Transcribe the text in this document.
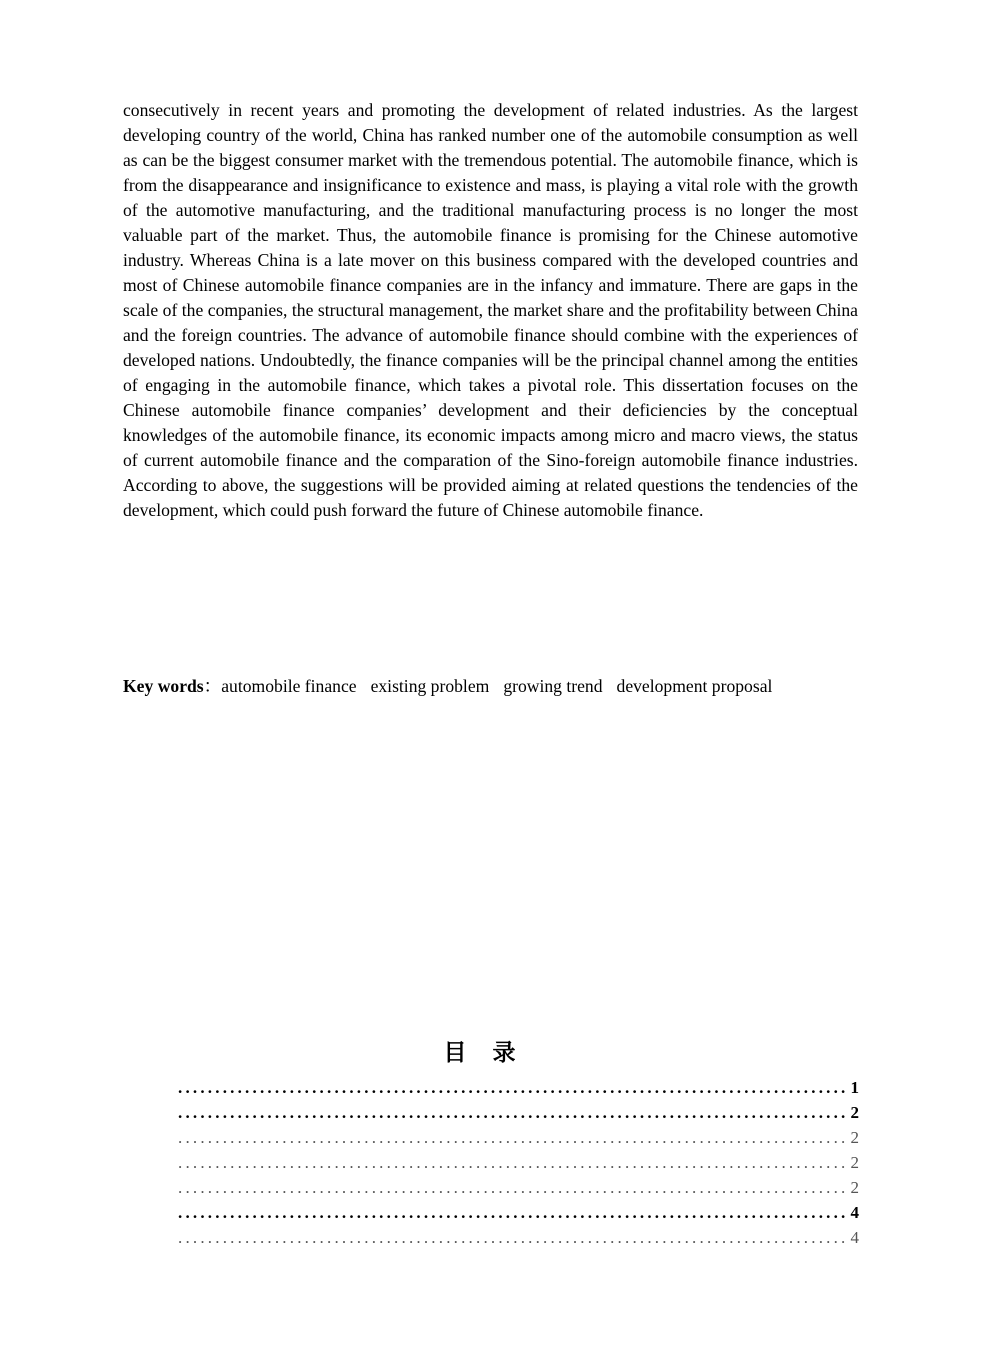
consecutively in recent years and promoting the development of related industries. As the largest developing country of the world, China has ranked number one of the automobile consumption as well as can be the biggest consumer market with the tremendous potential. The automobile finance, which is from the disappearance and insignificance to existence and mass, is playing a vital role with the growth of the automotive manufacturing, and the traditional manufacturing process is no longer the most valuable part of the market. Thus, the automobile finance is promising for the Chinese automotive industry. Whereas China is a late mover on this business compared with the developed countries and most of Chinese automobile finance companies are in the infancy and immature. There are gaps in the scale of the companies, the structural management, the market share and the profitability between China and the foreign countries. The advance of automobile finance should combine with the experiences of developed nations. Undoubtedly, the finance companies will be the principal channel among the entities of engaging in the automobile finance, which takes a pivotal role. This dissertation focuses on the Chinese automobile finance companies’ development and their deficiencies by the conceptual knowledges of the automobile finance, its economic impacts among micro and macro views, the status of current automobile finance and the comparation of the Sino-foreign automobile finance industries. According to above, the suggestions will be provided aiming at related questions the tendencies of the development, which could push forward the future of Chinese automobile finance.

Key words：automobile finance existing problem growing trend development proposal

目录
.......................................................................................... 1
.......................................................................................... 2
.......................................................................................... 2
.......................................................................................... 2
.......................................................................................... 2
.......................................................................................... 4
.......................................................................................... 4
